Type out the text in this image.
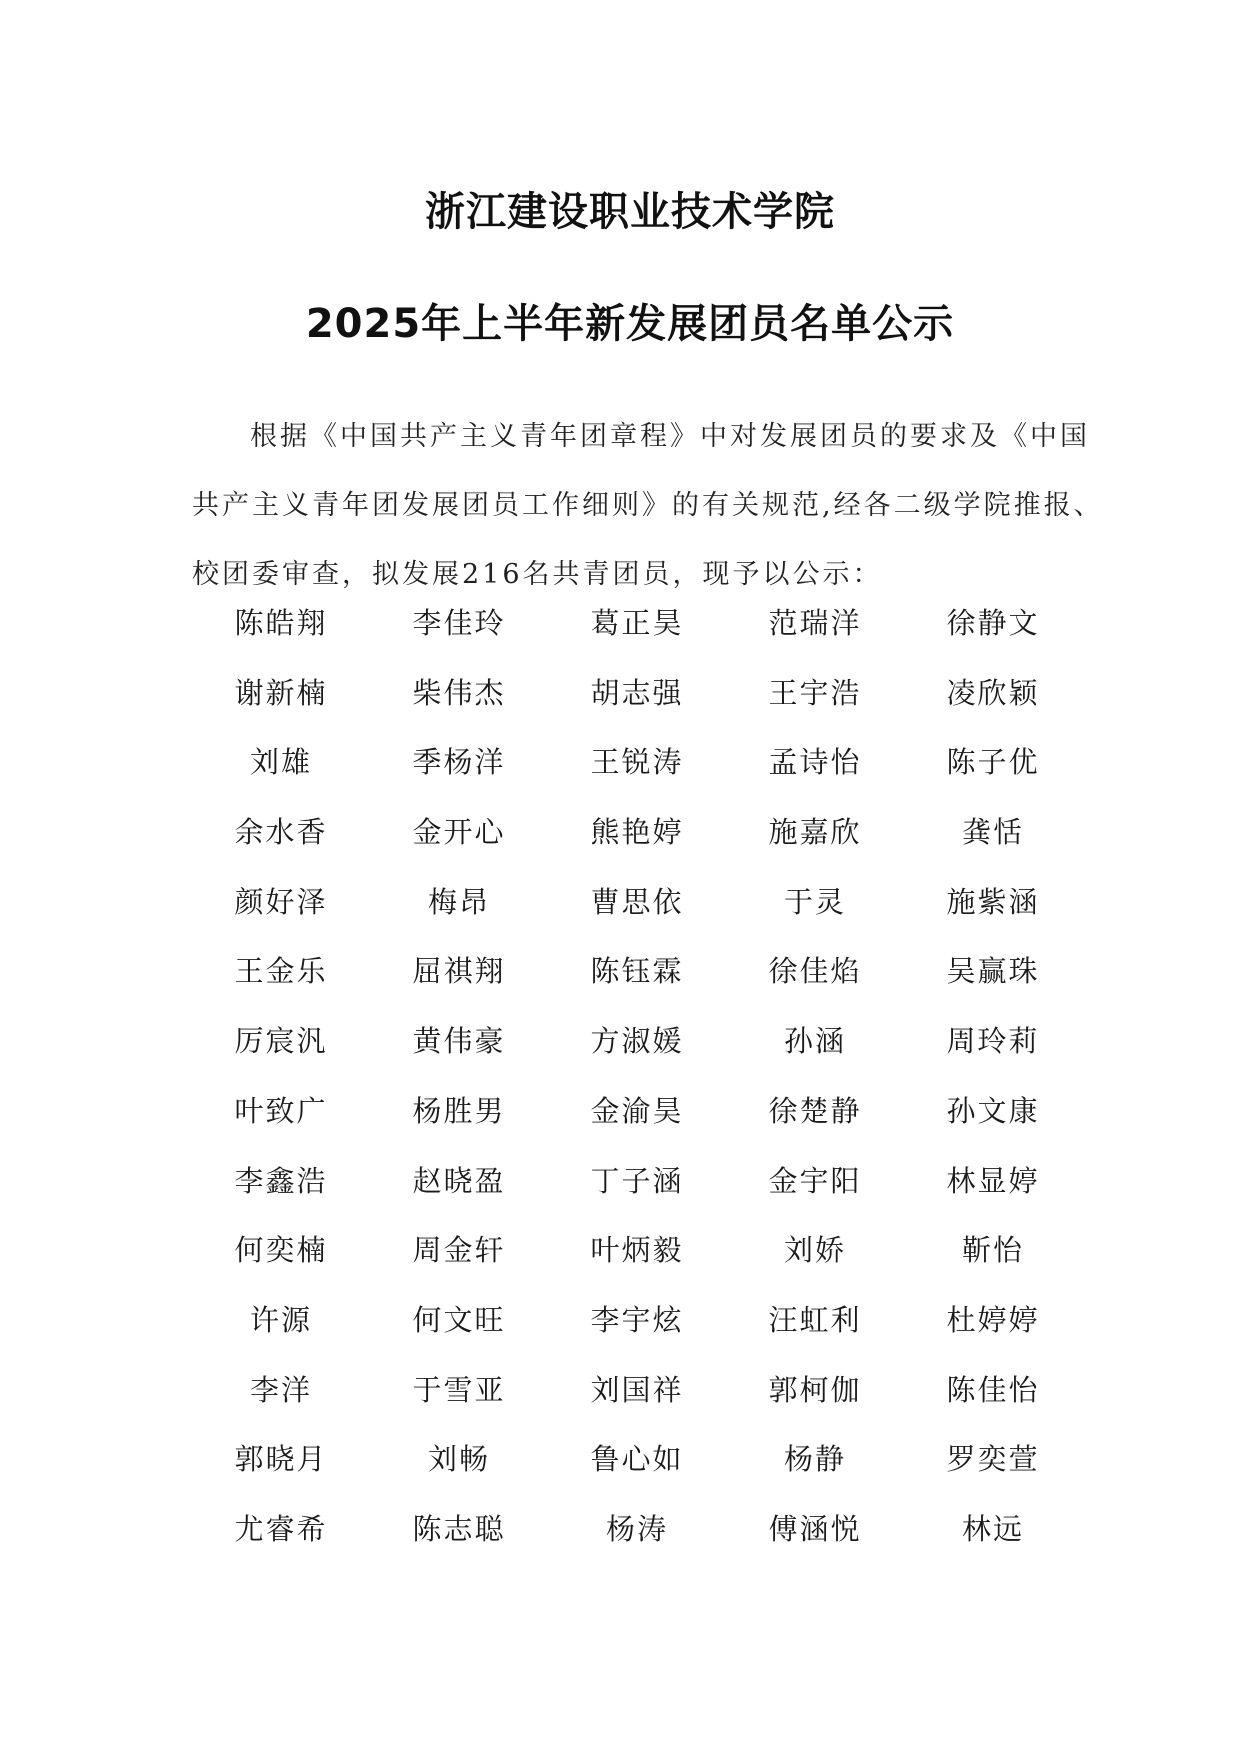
浙江建设职业技术学院
2025年上半年新发展团员名单公示
根据《中国共产主义青年团章程》中对发展团员的要求及《中国
共产主义青年团发展团员工作细则》的有关规范,经各二级学院推报、
校团委审查，拟发展216名共青团员，现予以公示：
陈皓翔	李佳玲	葛正昊	范瑞洋	徐静文
谢新楠	柴伟杰	胡志强	王宇浩	凌欣颖
刘雄	季杨洋	王锐涛	孟诗怡	陈子优
余水香	金开心	熊艳婷	施嘉欣	龚恬
颜好泽	梅昂	曹思依	于灵	施紫涵
王金乐	屈祺翔	陈钰霖	徐佳焰	吴赢珠
厉宸汎	黄伟豪	方淑媛	孙涵	周玲莉
叶致广	杨胜男	金渝昊	徐楚静	孙文康
李鑫浩	赵晓盈	丁子涵	金宇阳	林显婷
何奕楠	周金轩	叶炳毅	刘娇	靳怡
许源	何文旺	李宇炫	汪虹利	杜婷婷
李洋	于雪亚	刘国祥	郭柯伽	陈佳怡
郭晓月	刘畅	鲁心如	杨静	罗奕萱
尤睿希	陈志聪	杨涛	傅涵悦	林远
